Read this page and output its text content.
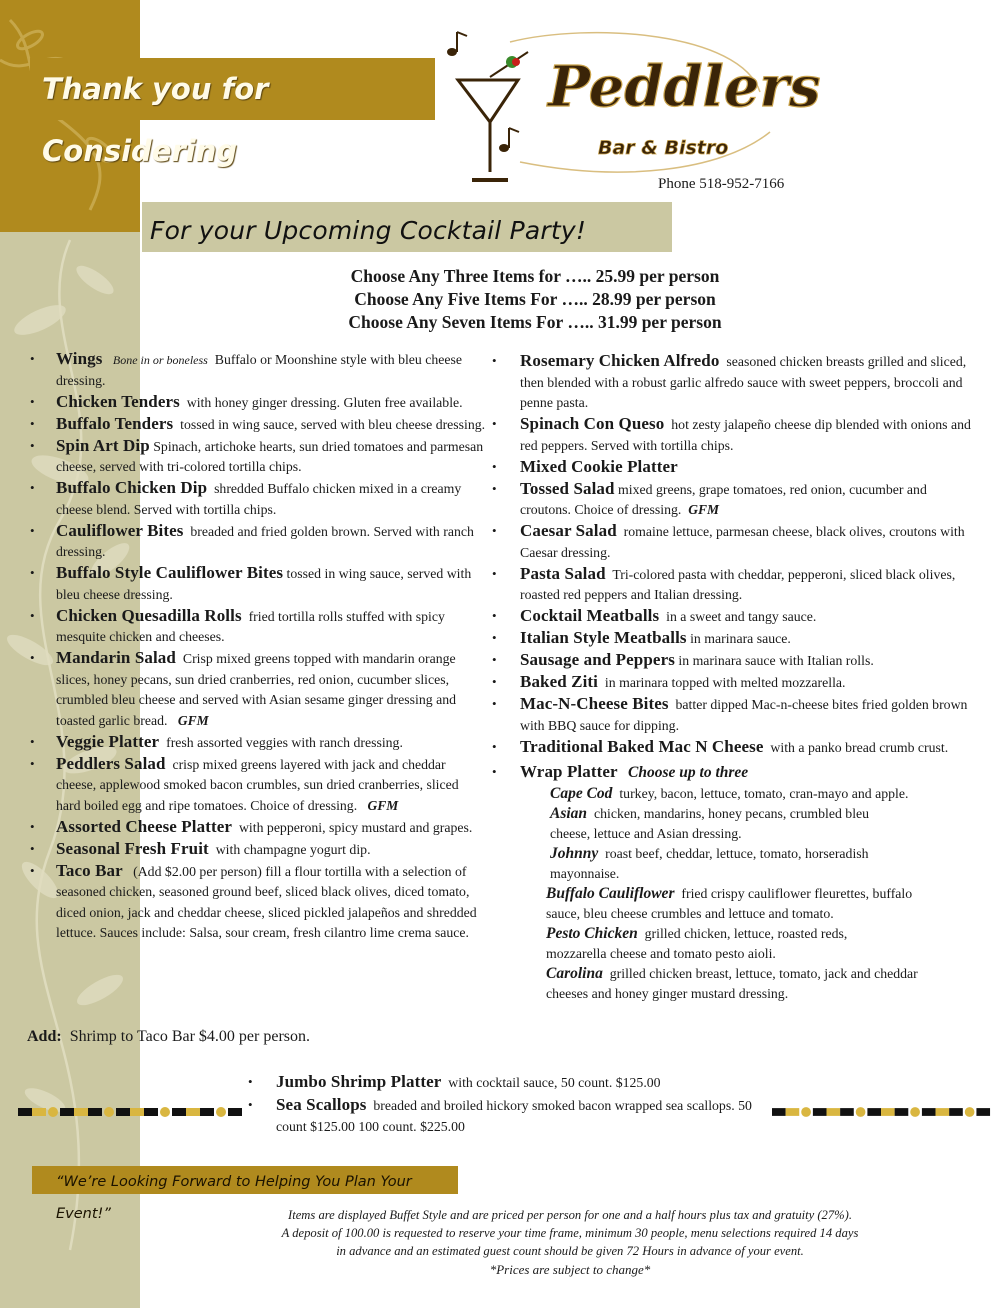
Thank you for Considering
Peddlers
Bar & Bistro
Phone 518-952-7166
For your Upcoming Cocktail Party!
Choose Any Three Items for ….. 25.99 per person
Choose Any Five Items For ….. 28.99 per person
Choose Any Seven Items For ….. 31.99 per person
• Wings Bone in or boneless Buffalo or Moonshine style with bleu cheese dressing.
• Chicken Tenders with honey ginger dressing. Gluten free available.
• Buffalo Tenders tossed in wing sauce, served with bleu cheese dressing.
• Spin Art Dip Spinach, artichoke hearts, sun dried tomatoes and parmesan cheese, served with tri-colored tortilla chips.
• Buffalo Chicken Dip shredded Buffalo chicken mixed in a creamy cheese blend. Served with tortilla chips.
• Cauliflower Bites breaded and fried golden brown. Served with ranch dressing.
• Buffalo Style Cauliflower Bites tossed in wing sauce, served with bleu cheese dressing.
• Chicken Quesadilla Rolls fried tortilla rolls stuffed with spicy mesquite chicken and cheeses.
• Mandarin Salad Crisp mixed greens topped with mandarin orange slices, honey pecans, sun dried cranberries, red onion, cucumber slices, crumbled bleu cheese and served with Asian sesame ginger dressing and toasted garlic bread. GFM
• Veggie Platter fresh assorted veggies with ranch dressing.
• Peddlers Salad crisp mixed greens layered with jack and cheddar cheese, applewood smoked bacon crumbles, sun dried cranberries, sliced hard boiled egg and ripe tomatoes. Choice of dressing. GFM
• Assorted Cheese Platter with pepperoni, spicy mustard and grapes.
• Seasonal Fresh Fruit with champagne yogurt dip.
• Taco Bar (Add $2.00 per person) fill a flour tortilla with a selection of seasoned chicken, seasoned ground beef, sliced black olives, diced tomato, diced onion, jack and cheddar cheese, sliced pickled jalapeños and shredded lettuce. Sauces include: Salsa, sour cream, fresh cilantro lime crema sauce.
Add: Shrimp to Taco Bar $4.00 per person.
• Rosemary Chicken Alfredo seasoned chicken breasts grilled and sliced, then blended with a robust garlic alfredo sauce with sweet peppers, broccoli and penne pasta.
• Spinach Con Queso hot zesty jalapeño cheese dip blended with onions and red peppers. Served with tortilla chips.
• Mixed Cookie Platter
• Tossed Salad mixed greens, grape tomatoes, red onion, cucumber and croutons. Choice of dressing. GFM
• Caesar Salad romaine lettuce, parmesan cheese, black olives, croutons with Caesar dressing.
• Pasta Salad Tri-colored pasta with cheddar, pepperoni, sliced black olives, roasted red peppers and Italian dressing.
• Cocktail Meatballs in a sweet and tangy sauce.
• Italian Style Meatballs in marinara sauce.
• Sausage and Peppers in marinara sauce with Italian rolls.
• Baked Ziti in marinara topped with melted mozzarella.
• Mac-N-Cheese Bites batter dipped Mac-n-cheese bites fried golden brown with BBQ sauce for dipping.
• Traditional Baked Mac N Cheese with a panko bread crumb crust.
• Wrap Platter Choose up to three
Cape Cod turkey, bacon, lettuce, tomato, cran-mayo and apple.
Asian chicken, mandarins, honey pecans, crumbled bleu cheese, lettuce and Asian dressing.
Johnny roast beef, cheddar, lettuce, tomato, horseradish mayonnaise.
Buffalo Cauliflower fried crispy cauliflower fleurettes, buffalo sauce, bleu cheese crumbles and lettuce and tomato.
Pesto Chicken grilled chicken, lettuce, roasted reds, mozzarella cheese and tomato pesto aioli.
Carolina grilled chicken breast, lettuce, tomato, jack and cheddar cheeses and honey ginger mustard dressing.
• Jumbo Shrimp Platter with cocktail sauce, 50 count. $125.00
• Sea Scallops breaded and broiled hickory smoked bacon wrapped sea scallops. 50 count $125.00 100 count. $225.00
“We’re Looking Forward to Helping You Plan Your Event!”	Items are displayed Buffet Style and are priced per person for one and a half hours plus tax and gratuity (27%).
A deposit of 100.00 is requested to reserve your time frame, minimum 30 people, menu selections required 14 days
in advance and an estimated guest count should be given 72 Hours in advance of your event.
*Prices are subject to change*
